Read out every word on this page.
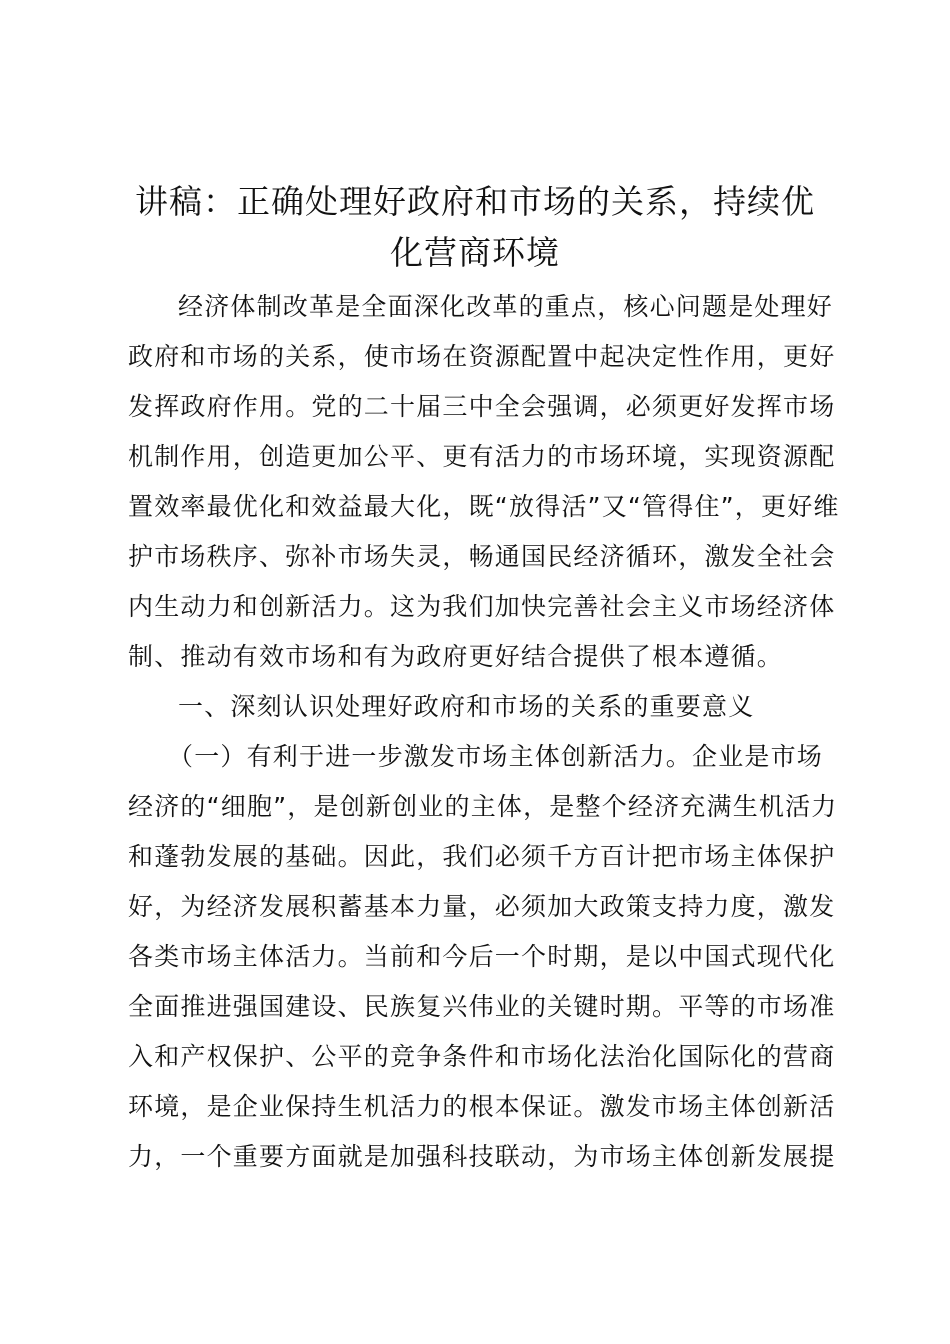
讲稿：正确处理好政府和市场的关系，持续优
化营商环境
经济体制改革是全面深化改革的重点，核心问题是处理好
政府和市场的关系，使市场在资源配置中起决定性作用，更好
发挥政府作用。党的二十届三中全会强调，必须更好发挥市场
机制作用，创造更加公平、更有活力的市场环境，实现资源配
置效率最优化和效益最大化，既“放得活”又“管得住”，更好维
护市场秩序、弥补市场失灵，畅通国民经济循环，激发全社会
内生动力和创新活力。这为我们加快完善社会主义市场经济体
制、推动有效市场和有为政府更好结合提供了根本遵循。
一、深刻认识处理好政府和市场的关系的重要意义
（一）有利于进一步激发市场主体创新活力。企业是市场
经济的“细胞”，是创新创业的主体，是整个经济充满生机活力
和蓬勃发展的基础。因此，我们必须千方百计把市场主体保护
好，为经济发展积蓄基本力量，必须加大政策支持力度，激发
各类市场主体活力。当前和今后一个时期，是以中国式现代化
全面推进强国建设、民族复兴伟业的关键时期。平等的市场准
入和产权保护、公平的竞争条件和市场化法治化国际化的营商
环境，是企业保持生机活力的根本保证。激发市场主体创新活
力，一个重要方面就是加强科技联动，为市场主体创新发展提
